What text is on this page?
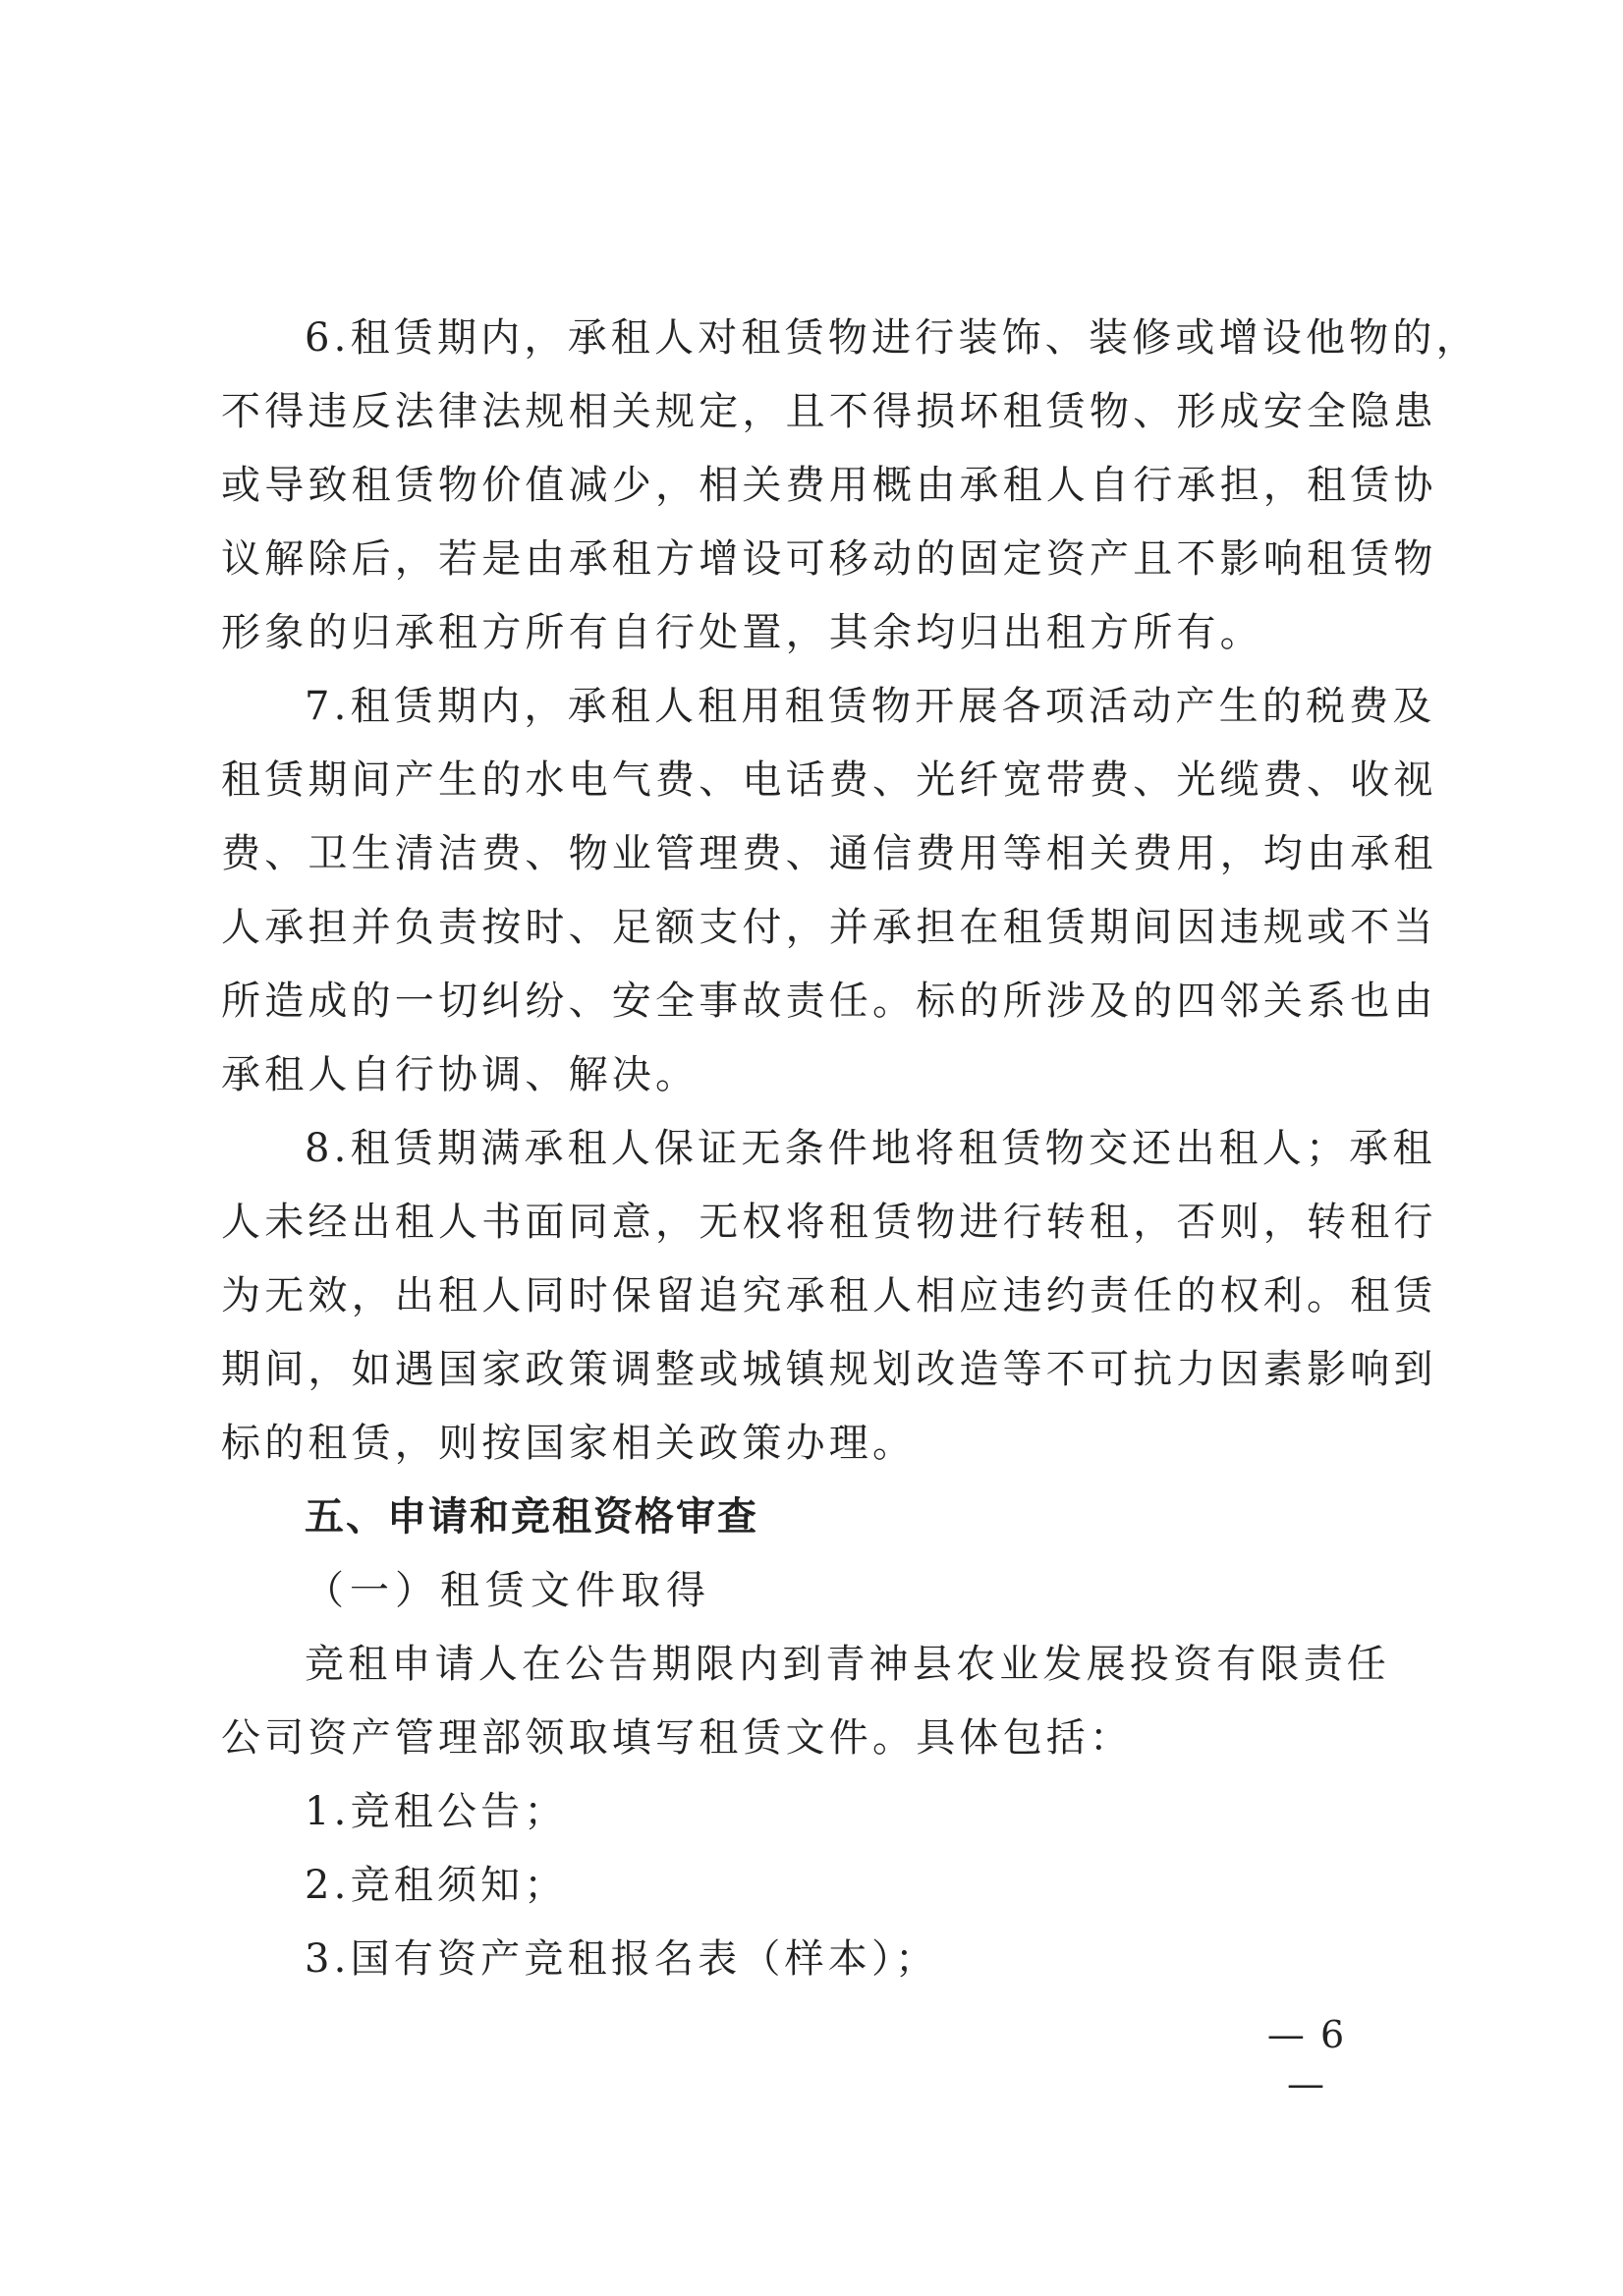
6.租赁期内，承租人对租赁物进行装饰、装修或增设他物的，
不得违反法律法规相关规定，且不得损坏租赁物、形成安全隐患
或导致租赁物价值减少，相关费用概由承租人自行承担，租赁协
议解除后，若是由承租方增设可移动的固定资产且不影响租赁物
形象的归承租方所有自行处置，其余均归出租方所有。
7.租赁期内，承租人租用租赁物开展各项活动产生的税费及
租赁期间产生的水电气费、电话费、光纤宽带费、光缆费、收视
费、卫生清洁费、物业管理费、通信费用等相关费用，均由承租
人承担并负责按时、足额支付，并承担在租赁期间因违规或不当
所造成的一切纠纷、安全事故责任。标的所涉及的四邻关系也由
承租人自行协调、解决。
8.租赁期满承租人保证无条件地将租赁物交还出租人；承租
人未经出租人书面同意，无权将租赁物进行转租，否则，转租行
为无效，出租人同时保留追究承租人相应违约责任的权利。租赁
期间，如遇国家政策调整或城镇规划改造等不可抗力因素影响到
标的租赁，则按国家相关政策办理。
五、申请和竞租资格审查
（一）租赁文件取得
竞租申请人在公告期限内到青神县农业发展投资有限责任
公司资产管理部领取填写租赁文件。具体包括：
1.竞租公告；
2.竞租须知；
3.国有资产竞租报名表（样本）；
— 6 —
